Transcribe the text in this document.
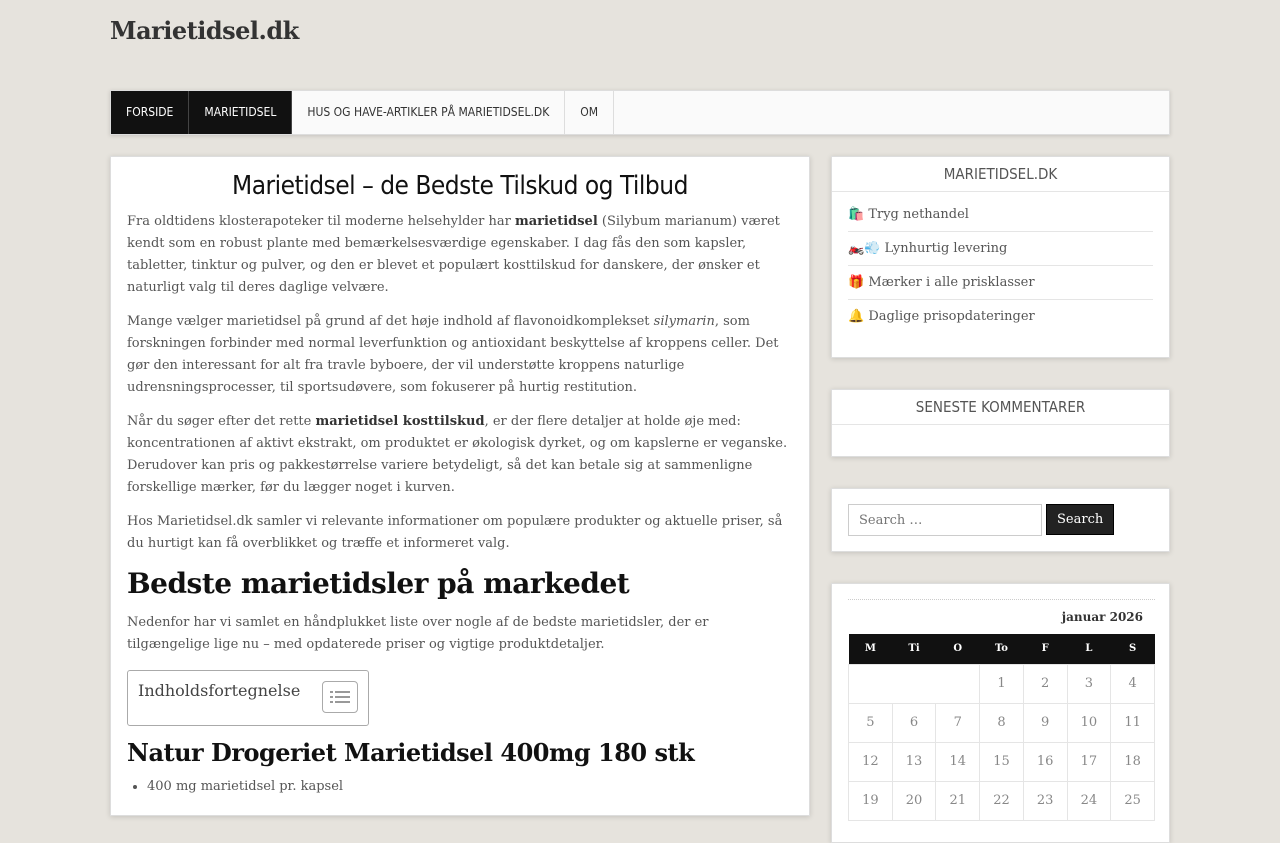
Marietidsel.dk
FORSIDE	MARIETIDSEL	HUS OG HAVE-ARTIKLER PÅ MARIETIDSEL.DK	OM
Marietidsel – de Bedste Tilskud og Tilbud

Fra oldtidens klosterapoteker til moderne helsehylder har marietidsel (Silybum marianum) været kendt som en robust plante med bemærkelsesværdige egenskaber. I dag fås den som kapsler, tabletter, tinktur og pulver, og den er blevet et populært kosttilskud for danskere, der ønsker et naturligt valg til deres daglige velvære.

Mange vælger marietidsel på grund af det høje indhold af flavonoidkomplekset silymarin, som forskningen forbinder med normal leverfunktion og antioxidant beskyttelse af kroppens celler. Det gør den interessant for alt fra travle byboere, der vil understøtte kroppens naturlige udrensningsprocesser, til sportsudøvere, som fokuserer på hurtig restitution.

Når du søger efter det rette marietidsel kosttilskud, er der flere detaljer at holde øje med: koncentrationen af aktivt ekstrakt, om produktet er økologisk dyrket, og om kapslerne er veganske. Derudover kan pris og pakkestørrelse variere betydeligt, så det kan betale sig at sammenligne forskellige mærker, før du lægger noget i kurven.

Hos Marietidsel.dk samler vi relevante informationer om populære produkter og aktuelle priser, så du hurtigt kan få overblikket og træffe et informeret valg.

Bedste marietidsler på markedet

Nedenfor har vi samlet en håndplukket liste over nogle af de bedste marietidsler, der er tilgængelige lige nu – med opdaterede priser og vigtige produktdetaljer.

Indholdsfortegnelse
Natur Drogeriet Marietidsel 400mg 180 stk
• 400 mg marietidsel pr. kapsel
MARIETIDSEL.DK
🛍️ Tryg nethandel
🏍️💨 Lynhurtig levering
🎁 Mærker i alle prisklasser
🔔 Daglige prisopdateringer
SENESTE KOMMENTARER
Search …
Search
januar 2026
M	Ti	O	To	F	L	S
			1	2	3	4
5	6	7	8	9	10	11
12	13	14	15	16	17	18
19	20	21	22	23	24	25
